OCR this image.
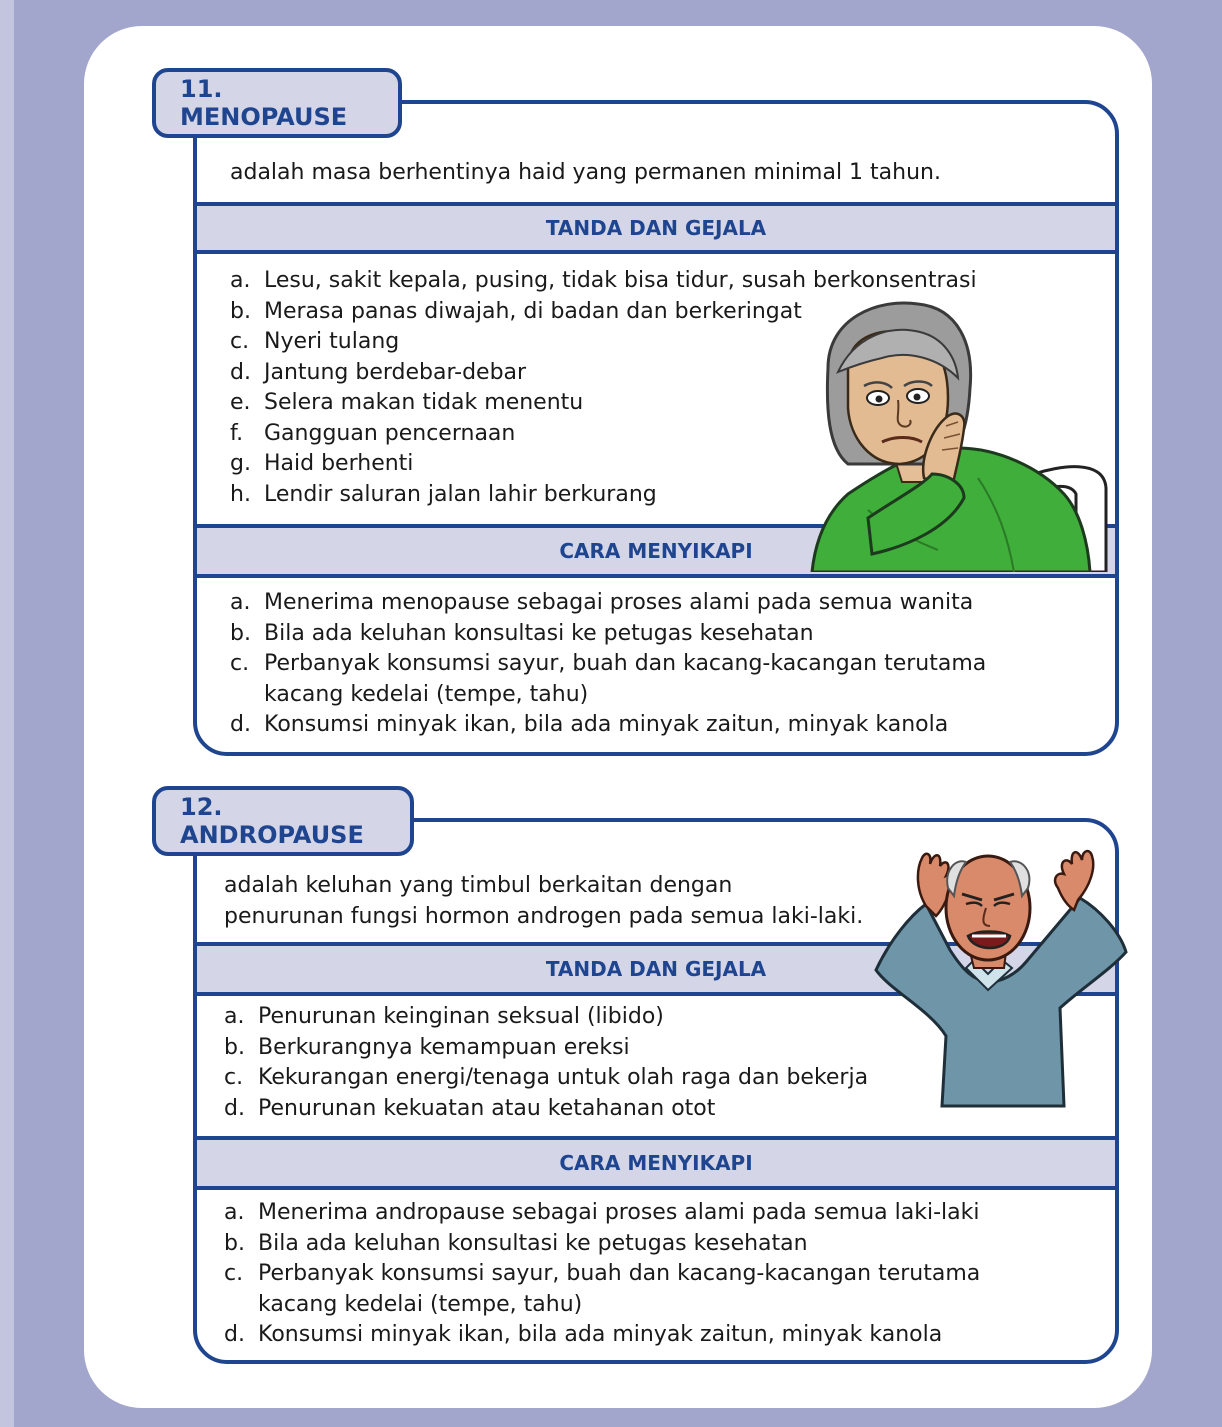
adalah masa berhentinya haid yang permanen minimal 1 tahun.
TANDA DAN GEJALA
a. Lesu, sakit kepala, pusing, tidak bisa tidur, susah berkonsentrasi
b. Merasa panas diwajah, di badan dan berkeringat
c. Nyeri tulang
d. Jantung berdebar-debar
e. Selera makan tidak menentu
f. Gangguan pencernaan
g. Haid berhenti
h. Lendir saluran jalan lahir berkurang
CARA MENYIKAPI
a. Menerima menopause sebagai proses alami pada semua wanita
b. Bila ada keluhan konsultasi ke petugas kesehatan
c. Perbanyak konsumsi sayur, buah dan kacang-kacangan terutama kacang kedelai (tempe, tahu)
d. Konsumsi minyak ikan, bila ada minyak zaitun, minyak kanola
11. MENOPAUSE
adalah keluhan yang timbul berkaitan dengan
penurunan fungsi hormon androgen pada semua laki-laki.
TANDA DAN GEJALA
a. Penurunan keinginan seksual (libido)
b. Berkurangnya kemampuan ereksi
c. Kekurangan energi/tenaga untuk olah raga dan bekerja
d. Penurunan kekuatan atau ketahanan otot
CARA MENYIKAPI
a. Menerima andropause sebagai proses alami pada semua laki-laki
b. Bila ada keluhan konsultasi ke petugas kesehatan
c. Perbanyak konsumsi sayur, buah dan kacang-kacangan terutama kacang kedelai (tempe, tahu)
d. Konsumsi minyak ikan, bila ada minyak zaitun, minyak kanola
12. ANDROPAUSE
